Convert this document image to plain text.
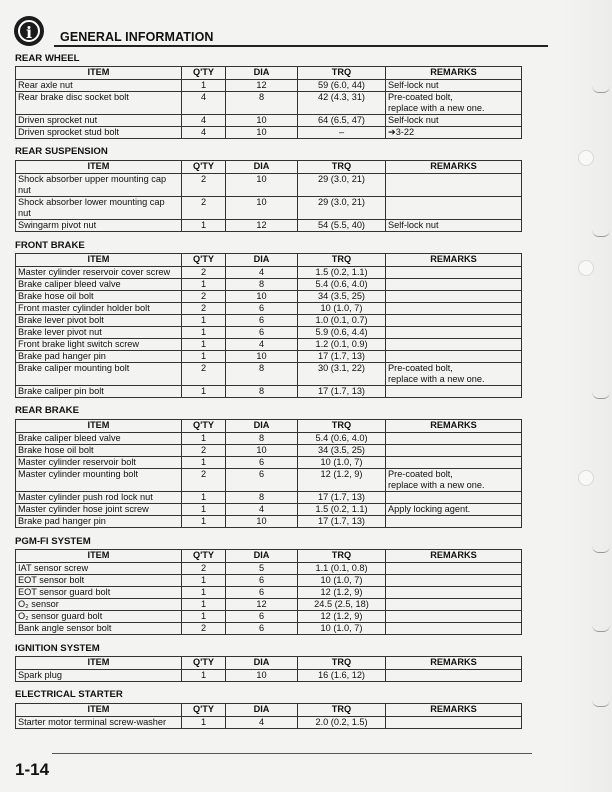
i	GENERAL INFORMATION
REAR WHEEL
ITEM	Q'TY	DIA	TRQ	REMARKS
Rear axle nut	1	12	59 (6.0, 44)	Self-lock nut
Rear brake disc socket bolt	4	8	42 (4.3, 31)	Pre-coated bolt,
replace with a new one.
Driven sprocket nut	4	10	64 (6.5, 47)	Self-lock nut
Driven sprocket stud bolt	4	10	–	➔3-22
REAR SUSPENSION
ITEM	Q'TY	DIA	TRQ	REMARKS
Shock absorber upper mounting cap
nut	2	10	29 (3.0, 21)	
Shock absorber lower mounting cap
nut	2	10	29 (3.0, 21)	
Swingarm pivot nut	1	12	54 (5.5, 40)	Self-lock nut
FRONT BRAKE
ITEM	Q'TY	DIA	TRQ	REMARKS
Master cylinder reservoir cover screw	2	4	1.5 (0.2, 1.1)	
Brake caliper bleed valve	1	8	5.4 (0.6, 4.0)	
Brake hose oil bolt	2	10	34 (3.5, 25)	
Front master cylinder holder bolt	2	6	10 (1.0, 7)	
Brake lever pivot bolt	1	6	1.0 (0.1, 0.7)	
Brake lever pivot nut	1	6	5.9 (0.6, 4.4)	
Front brake light switch screw	1	4	1.2 (0.1, 0.9)	
Brake pad hanger pin	1	10	17 (1.7, 13)	
Brake caliper mounting bolt	2	8	30 (3.1, 22)	Pre-coated bolt,
replace with a new one.
Brake caliper pin bolt	1	8	17 (1.7, 13)	
REAR BRAKE
ITEM	Q'TY	DIA	TRQ	REMARKS
Brake caliper bleed valve	1	8	5.4 (0.6, 4.0)	
Brake hose oil bolt	2	10	34 (3.5, 25)	
Master cylinder reservoir bolt	1	6	10 (1.0, 7)	
Master cylinder mounting bolt	2	6	12 (1.2, 9)	Pre-coated bolt,
replace with a new one.
Master cylinder push rod lock nut	1	8	17 (1.7, 13)	
Master cylinder hose joint screw	1	4	1.5 (0.2, 1.1)	Apply locking agent.
Brake pad hanger pin	1	10	17 (1.7, 13)	
PGM-FI SYSTEM
ITEM	Q'TY	DIA	TRQ	REMARKS
IAT sensor screw	2	5	1.1 (0.1, 0.8)	
EOT sensor bolt	1	6	10 (1.0, 7)	
EOT sensor guard bolt	1	6	12 (1.2, 9)	
O₂ sensor	1	12	24.5 (2.5, 18)	
O₂ sensor guard bolt	1	6	12 (1.2, 9)	
Bank angle sensor bolt	2	6	10 (1.0, 7)	
IGNITION SYSTEM
ITEM	Q'TY	DIA	TRQ	REMARKS
Spark plug	1	10	16 (1.6, 12)	
ELECTRICAL STARTER
ITEM	Q'TY	DIA	TRQ	REMARKS
Starter motor terminal screw-washer	1	4	2.0 (0.2, 1.5)	
1-14
